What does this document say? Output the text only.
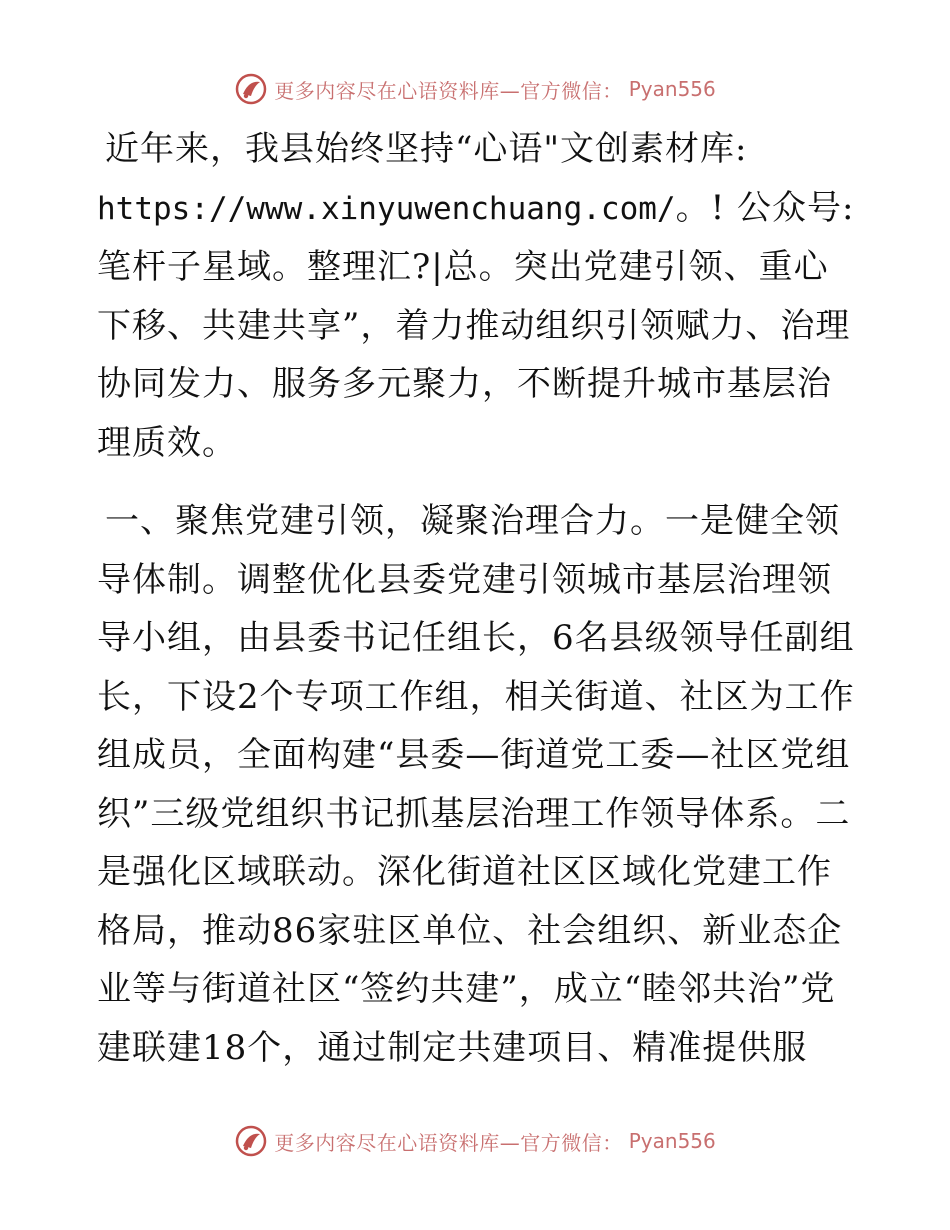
更多内容尽在心语资料库—官方微信： Pyan556

近年来，我县始终坚持“心语"文创素材库:
https://www.xinyuwenchuang.com/。! 公众号:笔杆子星域。整理汇?|总。突出党建引领、重心下移、共建共享”，着力推动组织引领赋力、治理协同发力、服务多元聚力，不断提升城市基层治理质效。

一、聚焦党建引领，凝聚治理合力。一是健全领导体制。调整优化县委党建引领城市基层治理领导小组，由县委书记任组长，6名县级领导任副组长，下设2个专项工作组，相关街道、社区为工作组成员，全面构建“县委—街道党工委—社区党组织”三级党组织书记抓基层治理工作领导体系。二是强化区域联动。深化街道社区区域化党建工作格局，推动86家驻区单位、社会组织、新业态企业等与街道社区“签约共建”，成立“睦邻共治”党建联建18个，通过制定共建项目、精准提供服

更多内容尽在心语资料库—官方微信： Pyan556
